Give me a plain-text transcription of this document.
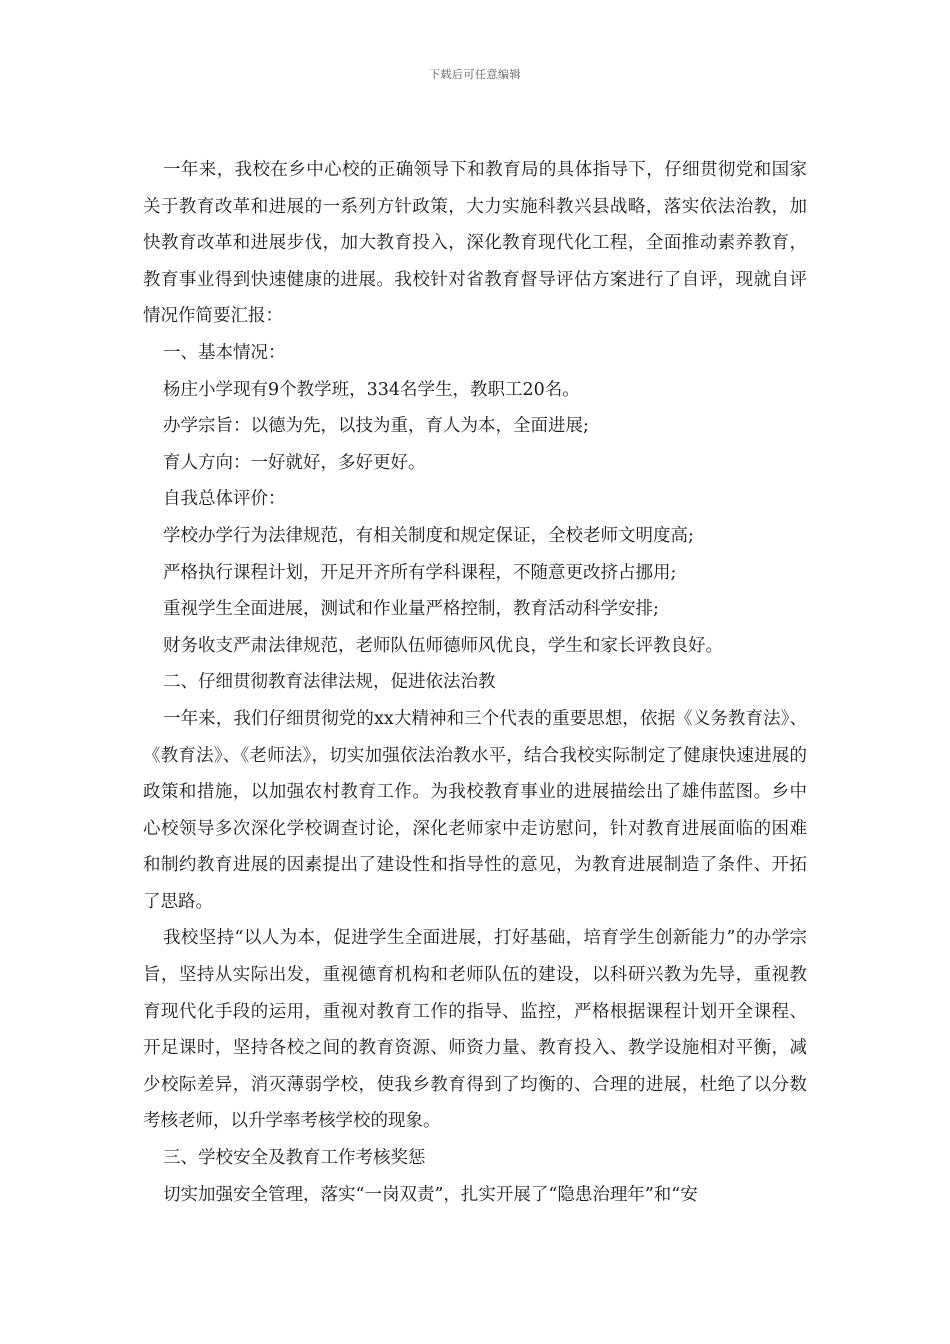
下载后可任意编辑

一年来，我校在乡中心校的正确领导下和教育局的具体指导下，仔细贯彻党和国家关于教育改革和进展的一系列方针政策，大力实施科教兴县战略，落实依法治教，加快教育改革和进展步伐，加大教育投入，深化教育现代化工程，全面推动素养教育，教育事业得到快速健康的进展。我校针对省教育督导评估方案进行了自评，现就自评情况作简要汇报：

一、基本情况：

杨庄小学现有9个教学班，334名学生，教职工20名。

办学宗旨：以德为先，以技为重，育人为本，全面进展;

育人方向：一好就好，多好更好。

自我总体评价：

学校办学行为法律规范，有相关制度和规定保证，全校老师文明度高;

严格执行课程计划，开足开齐所有学科课程，不随意更改挤占挪用;

重视学生全面进展，测试和作业量严格控制，教育活动科学安排;

财务收支严肃法律规范，老师队伍师德师风优良，学生和家长评教良好。

二、仔细贯彻教育法律法规，促进依法治教

一年来，我们仔细贯彻党的xx大精神和三个代表的重要思想，依据《义务教育法》、《教育法》、《老师法》，切实加强依法治教水平，结合我校实际制定了健康快速进展的政策和措施，以加强农村教育工作。为我校教育事业的进展描绘出了雄伟蓝图。乡中心校领导多次深化学校调查讨论，深化老师家中走访慰问，针对教育进展面临的困难和制约教育进展的因素提出了建设性和指导性的意见，为教育进展制造了条件、开拓了思路。

我校坚持“以人为本，促进学生全面进展，打好基础，培育学生创新能力”的办学宗旨，坚持从实际出发，重视德育机构和老师队伍的建设，以科研兴教为先导，重视教育现代化手段的运用，重视对教育工作的指导、监控，严格根据课程计划开全课程、开足课时，坚持各校之间的教育资源、师资力量、教育投入、教学设施相对平衡，减少校际差异，消灭薄弱学校，使我乡教育得到了均衡的、合理的进展，杜绝了以分数考核老师，以升学率考核学校的现象。

三、学校安全及教育工作考核奖惩

切实加强安全管理，落实“一岗双责”，扎实开展了“隐患治理年”和“安
